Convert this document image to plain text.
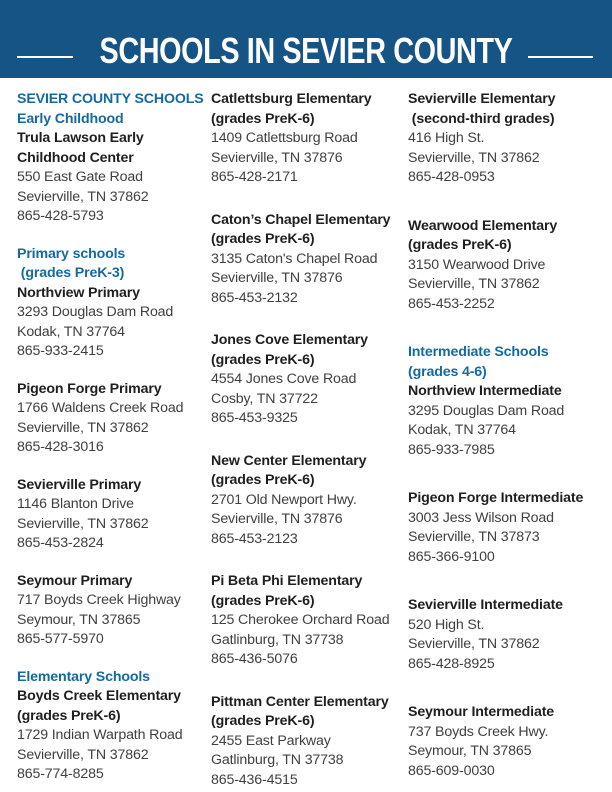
SCHOOLS IN SEVIER COUNTY
SEVIER COUNTY SCHOOLS
Early Childhood
Trula Lawson Early
Childhood Center
550 East Gate Road
Sevierville, TN 37862
865-428-5793
Primary schools
(grades PreK-3)
Northview Primary
3293 Douglas Dam Road
Kodak, TN 37764
865-933-2415
Pigeon Forge Primary
1766 Waldens Creek Road
Sevierville, TN 37862
865-428-3016
Sevierville Primary
1146 Blanton Drive
Sevierville, TN 37862
865-453-2824
Seymour Primary
717 Boyds Creek Highway
Seymour, TN 37865
865-577-5970
Elementary Schools
Boyds Creek Elementary
(grades PreK-6)
1729 Indian Warpath Road
Sevierville, TN 37862
865-774-8285
Catlettsburg Elementary
(grades PreK-6)
1409 Catlettsburg Road
Sevierville, TN 37876
865-428-2171
Caton’s Chapel Elementary
(grades PreK-6)
3135 Caton's Chapel Road
Sevierville, TN 37876
865-453-2132
Jones Cove Elementary
(grades PreK-6)
4554 Jones Cove Road
Cosby, TN 37722
865-453-9325
New Center Elementary
(grades PreK-6)
2701 Old Newport Hwy.
Sevierville, TN 37876
865-453-2123
Pi Beta Phi Elementary
(grades PreK-6)
125 Cherokee Orchard Road
Gatlinburg, TN 37738
865-436-5076
Pittman Center Elementary
(grades PreK-6)
2455 East Parkway
Gatlinburg, TN 37738
865-436-4515
Sevierville Elementary
(second-third grades)
416 High St.
Sevierville, TN 37862
865-428-0953
Wearwood Elementary
(grades PreK-6)
3150 Wearwood Drive
Sevierville, TN 37862
865-453-2252
Intermediate Schools
(grades 4-6)
Northview Intermediate
3295 Douglas Dam Road
Kodak, TN 37764
865-933-7985
Pigeon Forge Intermediate
3003 Jess Wilson Road
Sevierville, TN 37873
865-366-9100
Sevierville Intermediate
520 High St.
Sevierville, TN 37862
865-428-8925
Seymour Intermediate
737 Boyds Creek Hwy.
Seymour, TN 37865
865-609-0030
